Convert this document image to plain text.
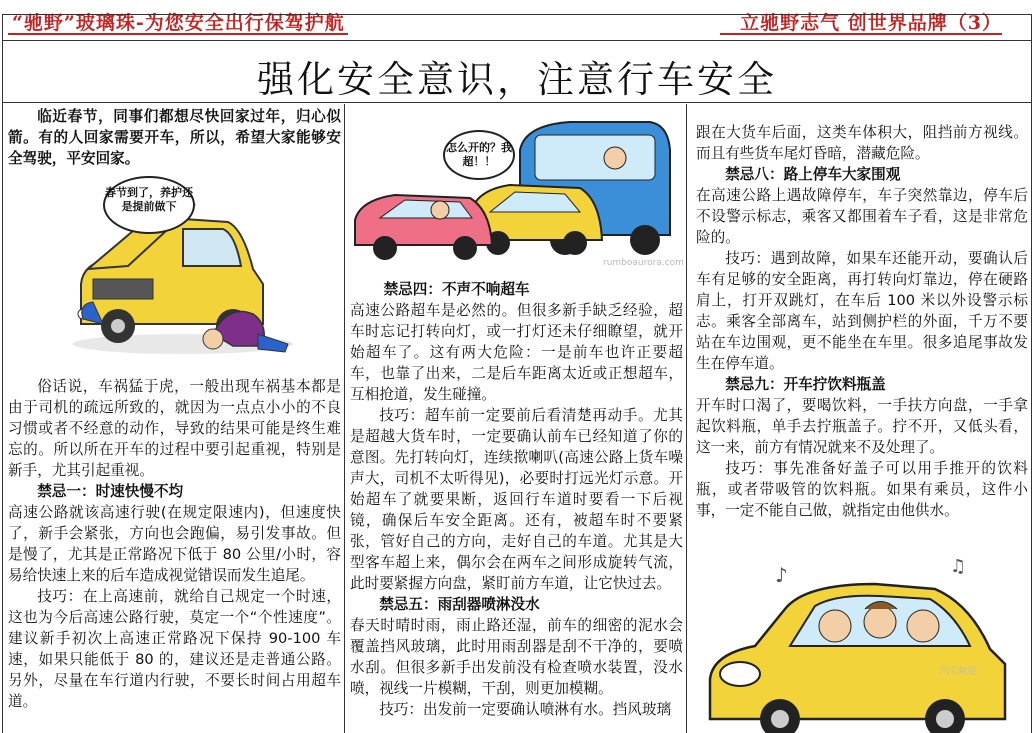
“驰野”玻璃珠-为您安全出行保驾护航	立驰野志气 创世界品牌（3）
强化安全意识，注意行车安全

临近春节，同事们都想尽快回家过年，归心似箭。有的人回家需要开车，所以，希望大家能够安全驾驶，平安回家。

春节到了，养护还是提前做下

俗话说，车祸猛于虎，一般出现车祸基本都是由于司机的疏远所致的，就因为一点点小小的不良习惯或者不经意的动作，导致的结果可能是终生难忘的。所以所在开车的过程中要引起重视，特别是新手，尤其引起重视。

禁忌一：时速快慢不均

高速公路就该高速行驶(在规定限速内)，但速度快了，新手会紧张，方向也会跑偏，易引发事故。但是慢了，尤其是正常路况下低于 80 公里/小时，容易给快速上来的后车造成视觉错误而发生追尾。

技巧：在上高速前，就给自己规定一个时速，这也为今后高速公路行驶，莫定一个“个性速度”。建议新手初次上高速正常路况下保持 90-100 车速，如果只能低于 80 的，建议还是走普通公路。另外，尽量在车行道内行驶，不要长时间占用超车道。

怎么开的？我超！！
rumboaurora.com
禁忌四：不声不响超车

高速公路超车是必然的。但很多新手缺乏经验，超车时忘记打转向灯，或一打灯还未仔细瞭望，就开始超车了。这有两大危险：一是前车也许正要超车，也靠了出来，二是后车距离太近或正想超车，互相抢道，发生碰撞。

技巧：超车前一定要前后看清楚再动手。尤其是超越大货车时，一定要确认前车已经知道了你的意图。先打转向灯，连续揿喇叭(高速公路上货车噪声大，司机不太听得见)，必要时打远光灯示意。开始超车了就要果断，返回行车道时要看一下后视镜，确保后车安全距离。还有，被超车时不要紧张，管好自己的方向，走好自己的车道。尤其是大型客车超上来，偶尔会在两车之间形成旋转气流，此时要紧握方向盘，紧盯前方车道，让它快过去。

禁忌五：雨刮器喷淋没水

春天时晴时雨，雨止路还湿，前车的细密的泥水会覆盖挡风玻璃，此时用雨刮器是刮不干净的，要喷水刮。但很多新手出发前没有检查喷水装置，没水喷，视线一片模糊，干刮，则更加模糊。

技巧：出发前一定要确认喷淋有水。挡风玻璃

跟在大货车后面，这类车体积大，阻挡前方视线。而且有些货车尾灯昏暗，潜藏危险。

禁忌八：路上停车大家围观

在高速公路上遇故障停车，车子突然靠边，停车后不设警示标志，乘客又都围着车子看，这是非常危险的。

技巧：遇到故障，如果车还能开动，要确认后车有足够的安全距离，再打转向灯靠边，停在硬路肩上，打开双跳灯，在车后 100 米以外设警示标志。乘客全部离车，站到侧护栏的外面，千万不要站在车边围观，更不能坐在车里。很多追尾事故发生在停车道。

禁忌九：开车拧饮料瓶盖

开车时口渴了，要喝饮料，一手扶方向盘，一手拿起饮料瓶，单手去拧瓶盖子。拧不开，又低头看，这一来，前方有情况就来不及处理了。

技巧：事先准备好盖子可以用手推开的饮料瓶，或者带吸管的饮料瓶。如果有乘员，这件小事，一定不能自己做，就指定由他供水。

♪	♫
汽车频道
